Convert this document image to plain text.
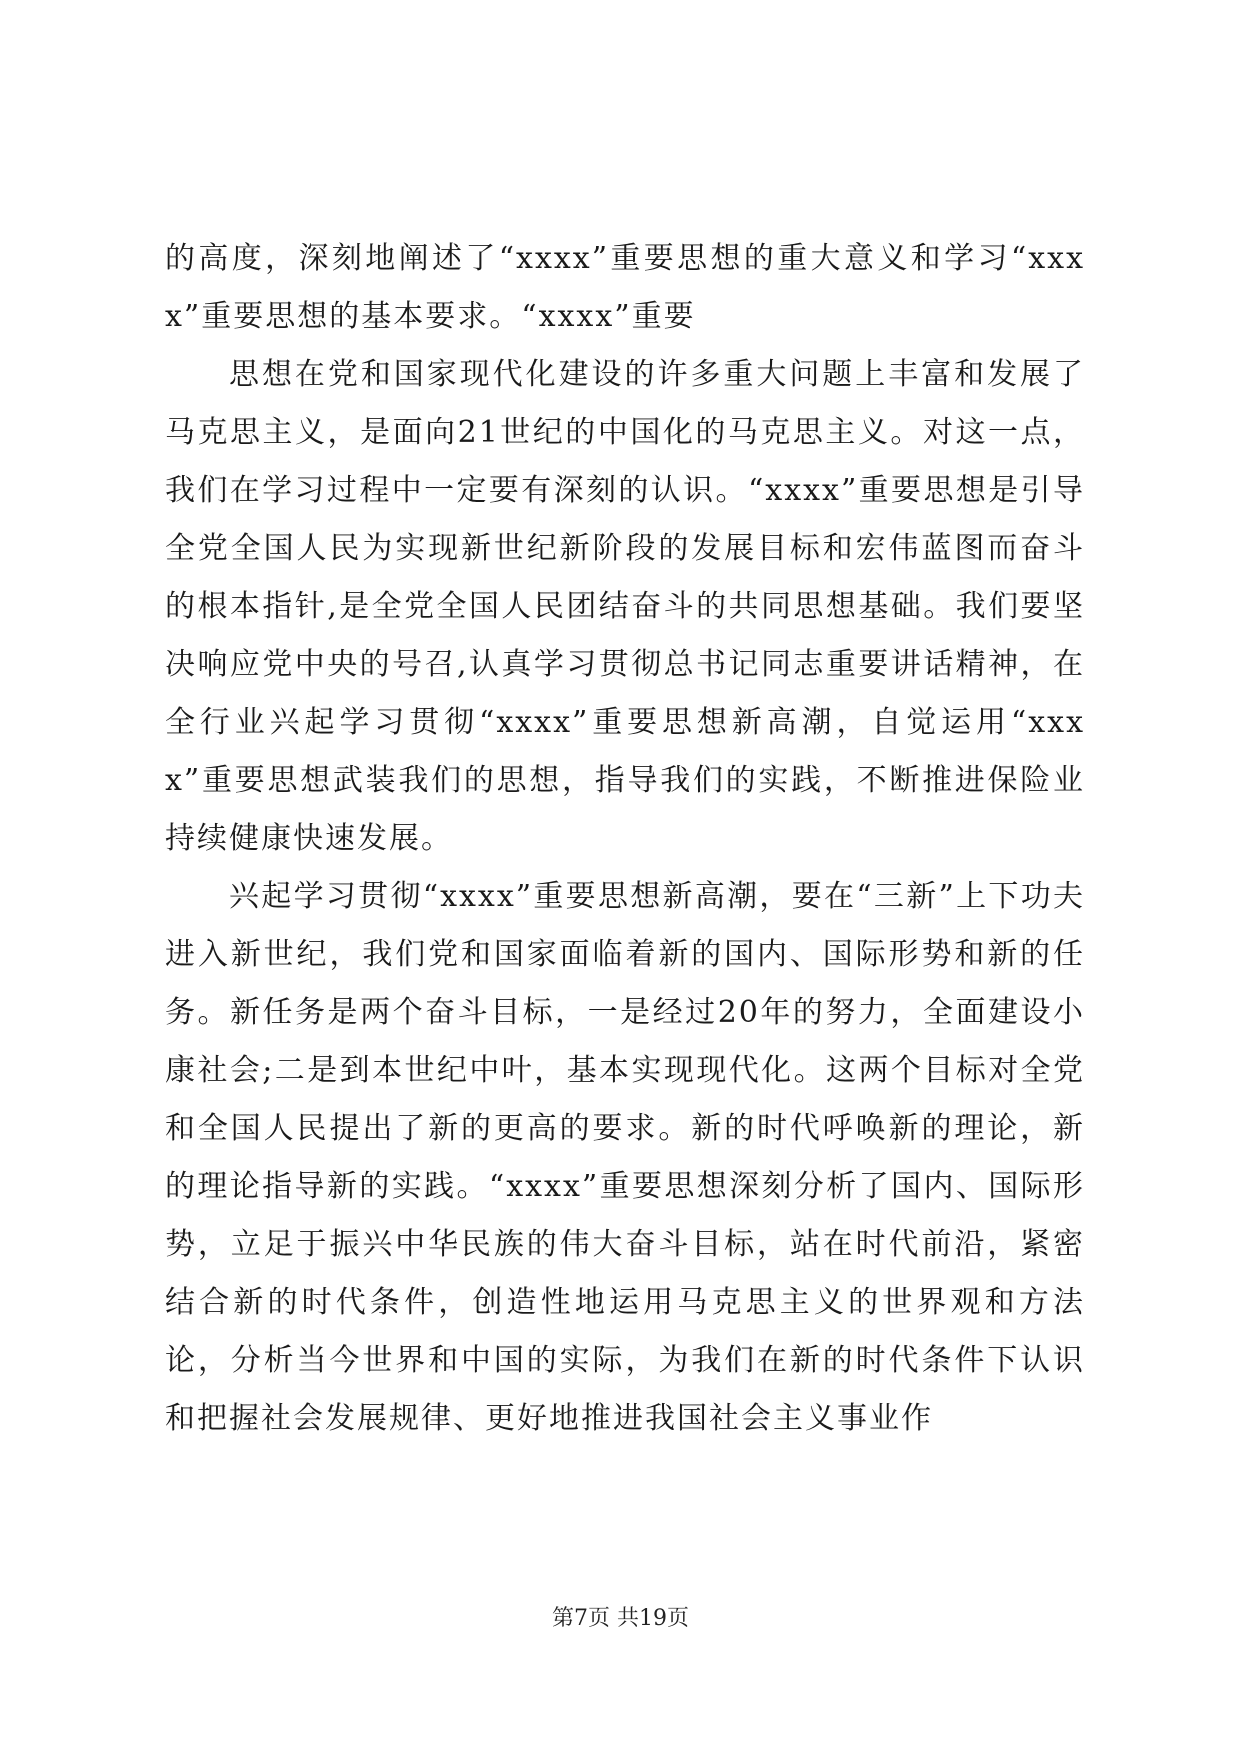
的高度，深刻地阐述了“xxxx”重要思想的重大意义和学习“xxxx”重要思想的基本要求。“xxxx”重要

思想在党和国家现代化建设的许多重大问题上丰富和发展了马克思主义，是面向21世纪的中国化的马克思主义。对这一点，我们在学习过程中一定要有深刻的认识。“xxxx”重要思想是引导全党全国人民为实现新世纪新阶段的发展目标和宏伟蓝图而奋斗的根本指针,是全党全国人民团结奋斗的共同思想基础。我们要坚决响应党中央的号召,认真学习贯彻总书记同志重要讲话精神，在全行业兴起学习贯彻“xxxx”重要思想新高潮，自觉运用“xxxx”重要思想武装我们的思想，指导我们的实践，不断推进保险业持续健康快速发展。

兴起学习贯彻“xxxx”重要思想新高潮，要在“三新”上下功夫进入新世纪，我们党和国家面临着新的国内、国际形势和新的任务。新任务是两个奋斗目标，一是经过20年的努力，全面建设小康社会;二是到本世纪中叶，基本实现现代化。这两个目标对全党和全国人民提出了新的更高的要求。新的时代呼唤新的理论，新的理论指导新的实践。“xxxx”重要思想深刻分析了国内、国际形势，立足于振兴中华民族的伟大奋斗目标，站在时代前沿，紧密结合新的时代条件，创造性地运用马克思主义的世界观和方法论，分析当今世界和中国的实际，为我们在新的时代条件下认识和把握社会发展规律、更好地推进我国社会主义事业作

第7页 共19页
